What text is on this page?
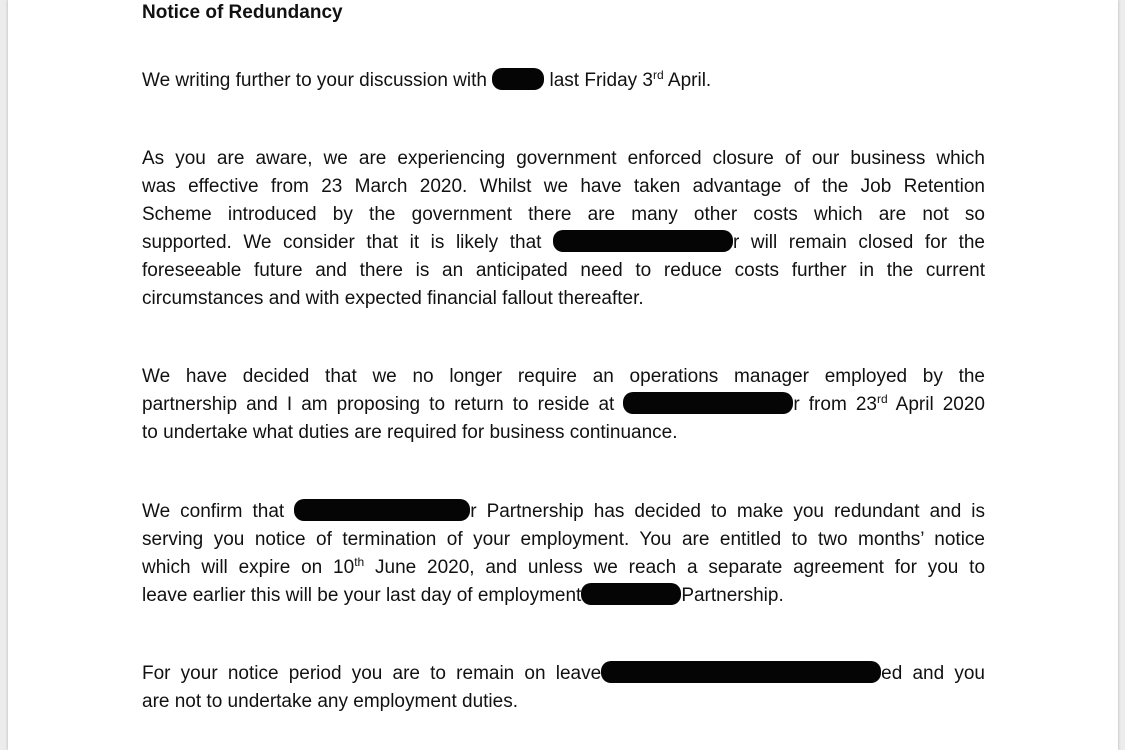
Notice of Redundancy

We writing further to your discussion with	last Friday 3rd April.

As you are aware, we are experiencing government enforced closure of our business which
was effective from 23 March 2020. Whilst we have taken advantage of the Job Retention
Scheme introduced by the government there are many other costs which are not so
supported. We consider that it is likely that	r will remain closed for the
foreseeable future and there is an anticipated need to reduce costs further in the current
circumstances and with expected financial fallout thereafter.

We have decided that we no longer require an operations manager employed by the
partnership and I am proposing to return to reside at	r from 23rd April 2020
to undertake what duties are required for business continuance.

We confirm that	r Partnership has decided to make you redundant and is
serving you notice of termination of your employment. You are entitled to two months’ notice
which will expire on 10th June 2020, and unless we reach a separate agreement for you to
leave earlier this will be your last day of employment	Partnership.

For your notice period you are to remain on leave	ed and you
are not to undertake any employment duties.
